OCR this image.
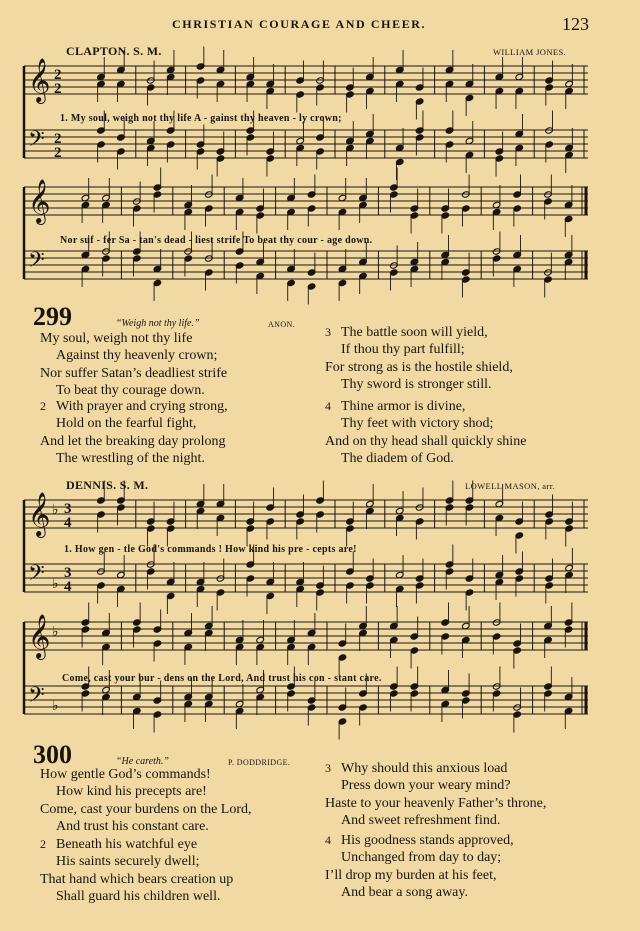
CHRISTIAN COURAGE AND CHEER.	123
CLAPTON. S. M.	WILLIAM JONES.
𝄞 2
2
𝄢 2
2
1. My soul, weigh not thy life A - gainst thy heaven - ly crown;
𝄞
𝄢
Nor suf - fer Sa - tan's dead - liest strife To beat thy cour - age down.
299	“Weigh not thy life.”	ANON.
My soul, weigh not thy life
Against thy heavenly crown;
Nor suffer Satan’s deadliest strife
To beat thy courage down.
2 With prayer and crying strong,
Hold on the fearful fight,
And let the breaking day prolong
The wrestling of the night.
3 The battle soon will yield,
If thou thy part fulfill;
For strong as is the hostile shield,
Thy sword is stronger still.
4 Thine armor is divine,
Thy feet with victory shod;
And on thy head shall quickly shine
The diadem of God.
DENNIS. S. M.	LOWELL MASON, arr.
𝄞 ♭ 3
4
𝄢 ♭
3
4
1. How gen - tle God's commands ! How kind his pre - cepts are!
𝄞 ♭
𝄢 ♭
Come, cast your bur - dens on the Lord, And trust his con - stant care.
300	“He careth.”	P. DODDRIDGE.
How gentle God’s commands!
How kind his precepts are!
Come, cast your burdens on the Lord,
And trust his constant care.
2 Beneath his watchful eye
His saints securely dwell;
That hand which bears creation up
Shall guard his children well.
3 Why should this anxious load
Press down your weary mind?
Haste to your heavenly Father’s throne,
And sweet refreshment find.
4 His goodness stands approved,
Unchanged from day to day;
I’ll drop my burden at his feet,
And bear a song away.
